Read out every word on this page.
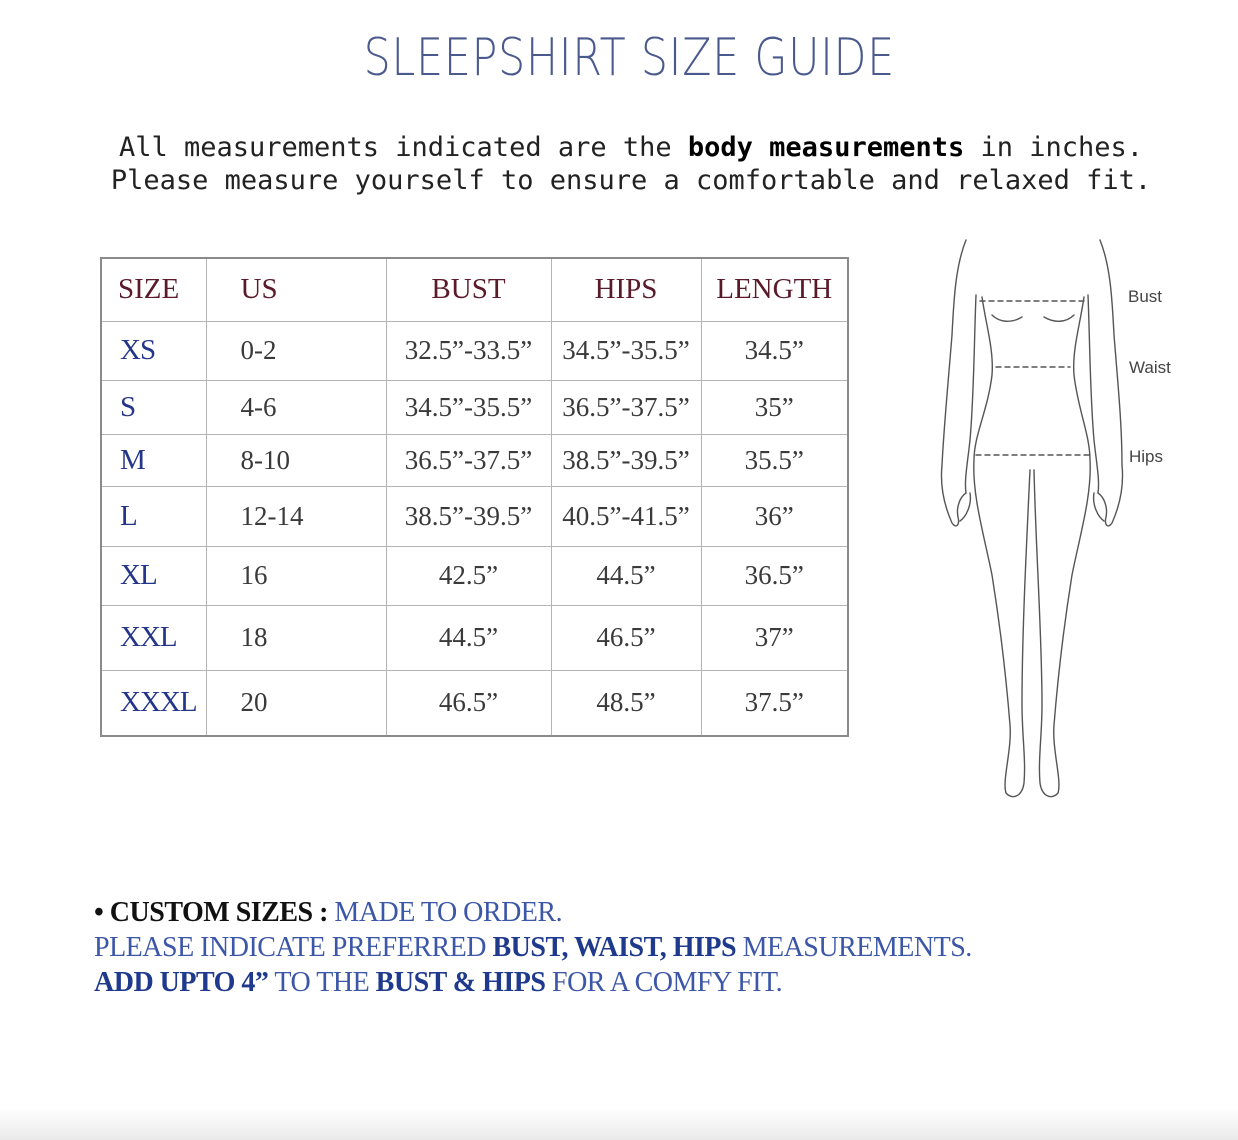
SLEEPSHIRT SIZE GUIDE
All measurements indicated are the body measurements in inches.
Please measure yourself to ensure a comfortable and relaxed fit.
SIZE	US	BUST	HIPS	LENGTH
XS	0-2	32.5”-33.5”	34.5”-35.5”	34.5”
S	4-6	34.5”-35.5”	36.5”-37.5”	35”
M	8-10	36.5”-37.5”	38.5”-39.5”	35.5”
L	12-14	38.5”-39.5”	40.5”-41.5”	36”
XL	16	42.5”	44.5”	36.5”
XXL	18	44.5”	46.5”	37”
XXXL	20	46.5”	48.5”	37.5”
Bust
Waist
Hips
• CUSTOM SIZES : MADE TO ORDER.
PLEASE INDICATE PREFERRED BUST, WAIST, HIPS MEASUREMENTS.
ADD UPTO 4” TO THE BUST & HIPS FOR A COMFY FIT.
